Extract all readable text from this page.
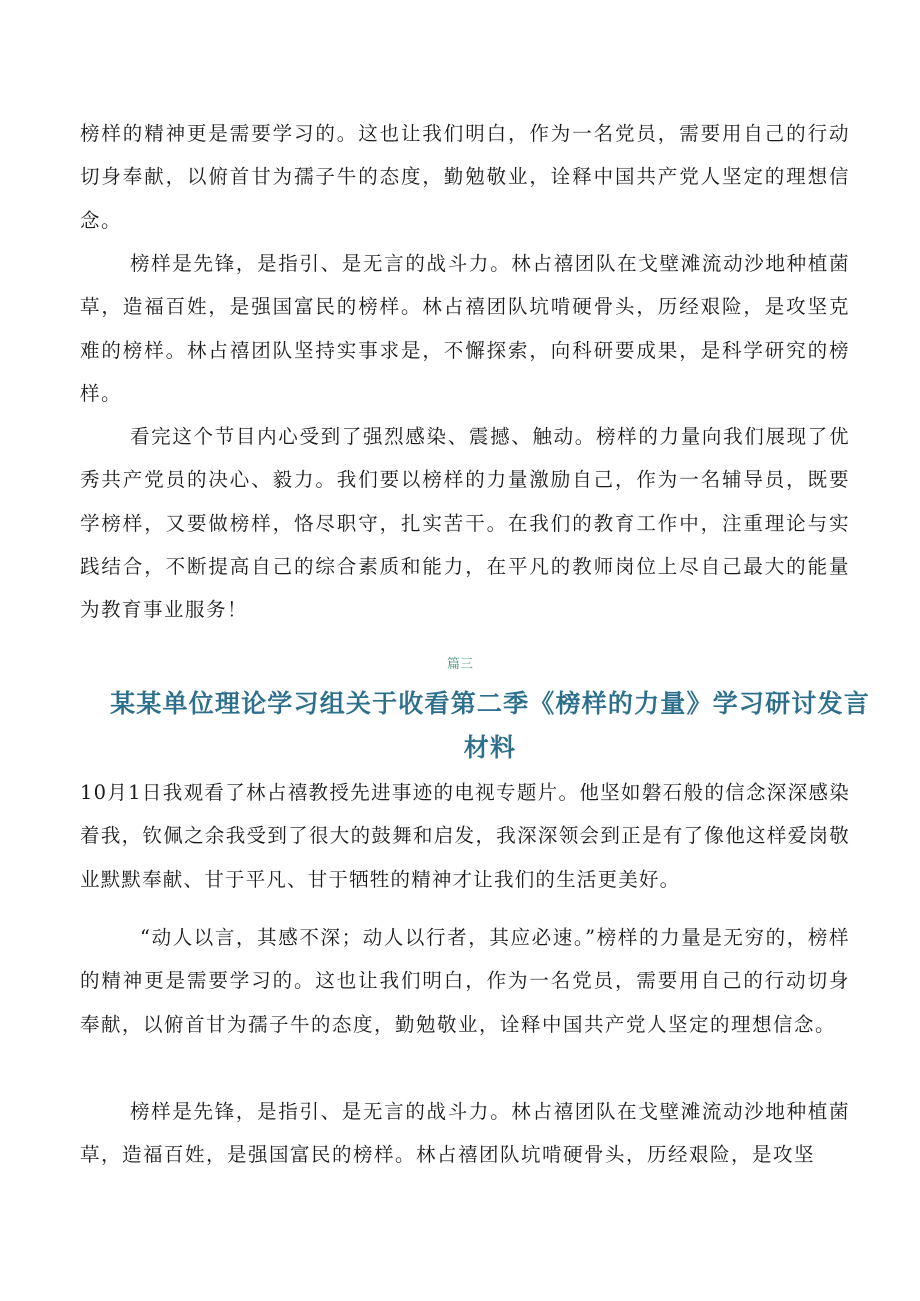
榜样的精神更是需要学习的。这也让我们明白，作为一名党员，需要用自己的行动切身奉献，以俯首甘为孺子牛的态度，勤勉敬业，诠释中国共产党人坚定的理想信念。

榜样是先锋，是指引、是无言的战斗力。林占禧团队在戈壁滩流动沙地种植菌草，造福百姓，是强国富民的榜样。林占禧团队坑啃硬骨头，历经艰险，是攻坚克难的榜样。林占禧团队坚持实事求是，不懈探索，向科研要成果，是科学研究的榜样。

看完这个节目内心受到了强烈感染、震撼、触动。榜样的力量向我们展现了优秀共产党员的决心、毅力。我们要以榜样的力量激励自己，作为一名辅导员，既要学榜样，又要做榜样，恪尽职守，扎实苦干。在我们的教育工作中，注重理论与实践结合，不断提高自己的综合素质和能力，在平凡的教师岗位上尽自己最大的能量为教育事业服务！

篇三
某某单位理论学习组关于收看第二季《榜样的力量》学习研讨发言材料

10月1日我观看了林占禧教授先进事迹的电视专题片。他坚如磐石般的信念深深感染着我，钦佩之余我受到了很大的鼓舞和启发，我深深领会到正是有了像他这样爱岗敬业默默奉献、甘于平凡、甘于牺牲的精神才让我们的生活更美好。

“动人以言，其感不深；动人以行者，其应必速。”榜样的力量是无穷的，榜样的精神更是需要学习的。这也让我们明白，作为一名党员，需要用自己的行动切身奉献，以俯首甘为孺子牛的态度，勤勉敬业，诠释中国共产党人坚定的理想信念。

榜样是先锋，是指引、是无言的战斗力。林占禧团队在戈壁滩流动沙地种植菌草，造福百姓，是强国富民的榜样。林占禧团队坑啃硬骨头，历经艰险，是攻坚
